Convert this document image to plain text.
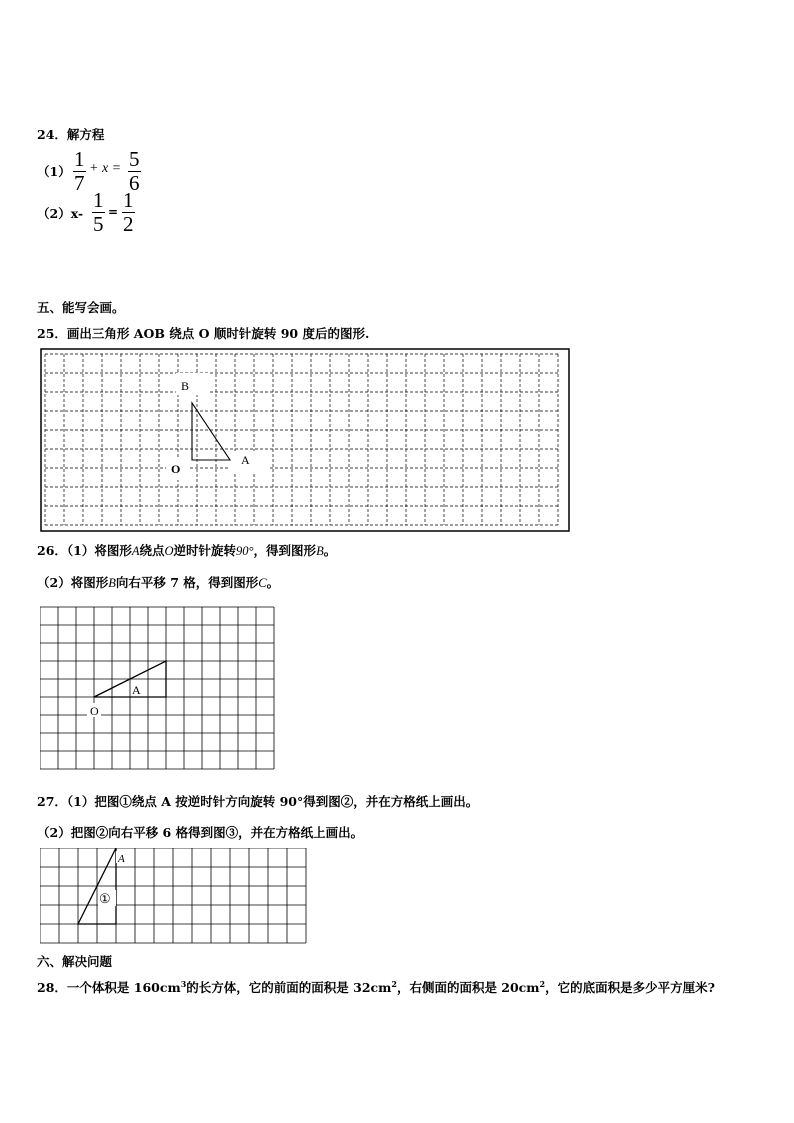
24．解方程
（1）
1
7
+ x = 5
6
（2）x-
1
5 = 1
2
五、能写会画。
25．画出三角形 AOB 绕点 O 顺时针旋转 90 度后的图形.
B
A
O
26．（1）将图形A绕点O逆时针旋转90°，得到图形B。
（2）将图形B向右平移 7 格，得到图形C。
A
O
27．（1）把图①绕点 A 按逆时针方向旋转 90°得到图②，并在方格纸上画出。
（2）把图②向右平移 6 格得到图③，并在方格纸上画出。
A
①
六、解决问题
28．一个体积是 $160cm^3$的长方体，它的前面的面积是 $32cm^2$，右侧面的面积是 $20cm^2$，它的底面积是多少平方厘米?
